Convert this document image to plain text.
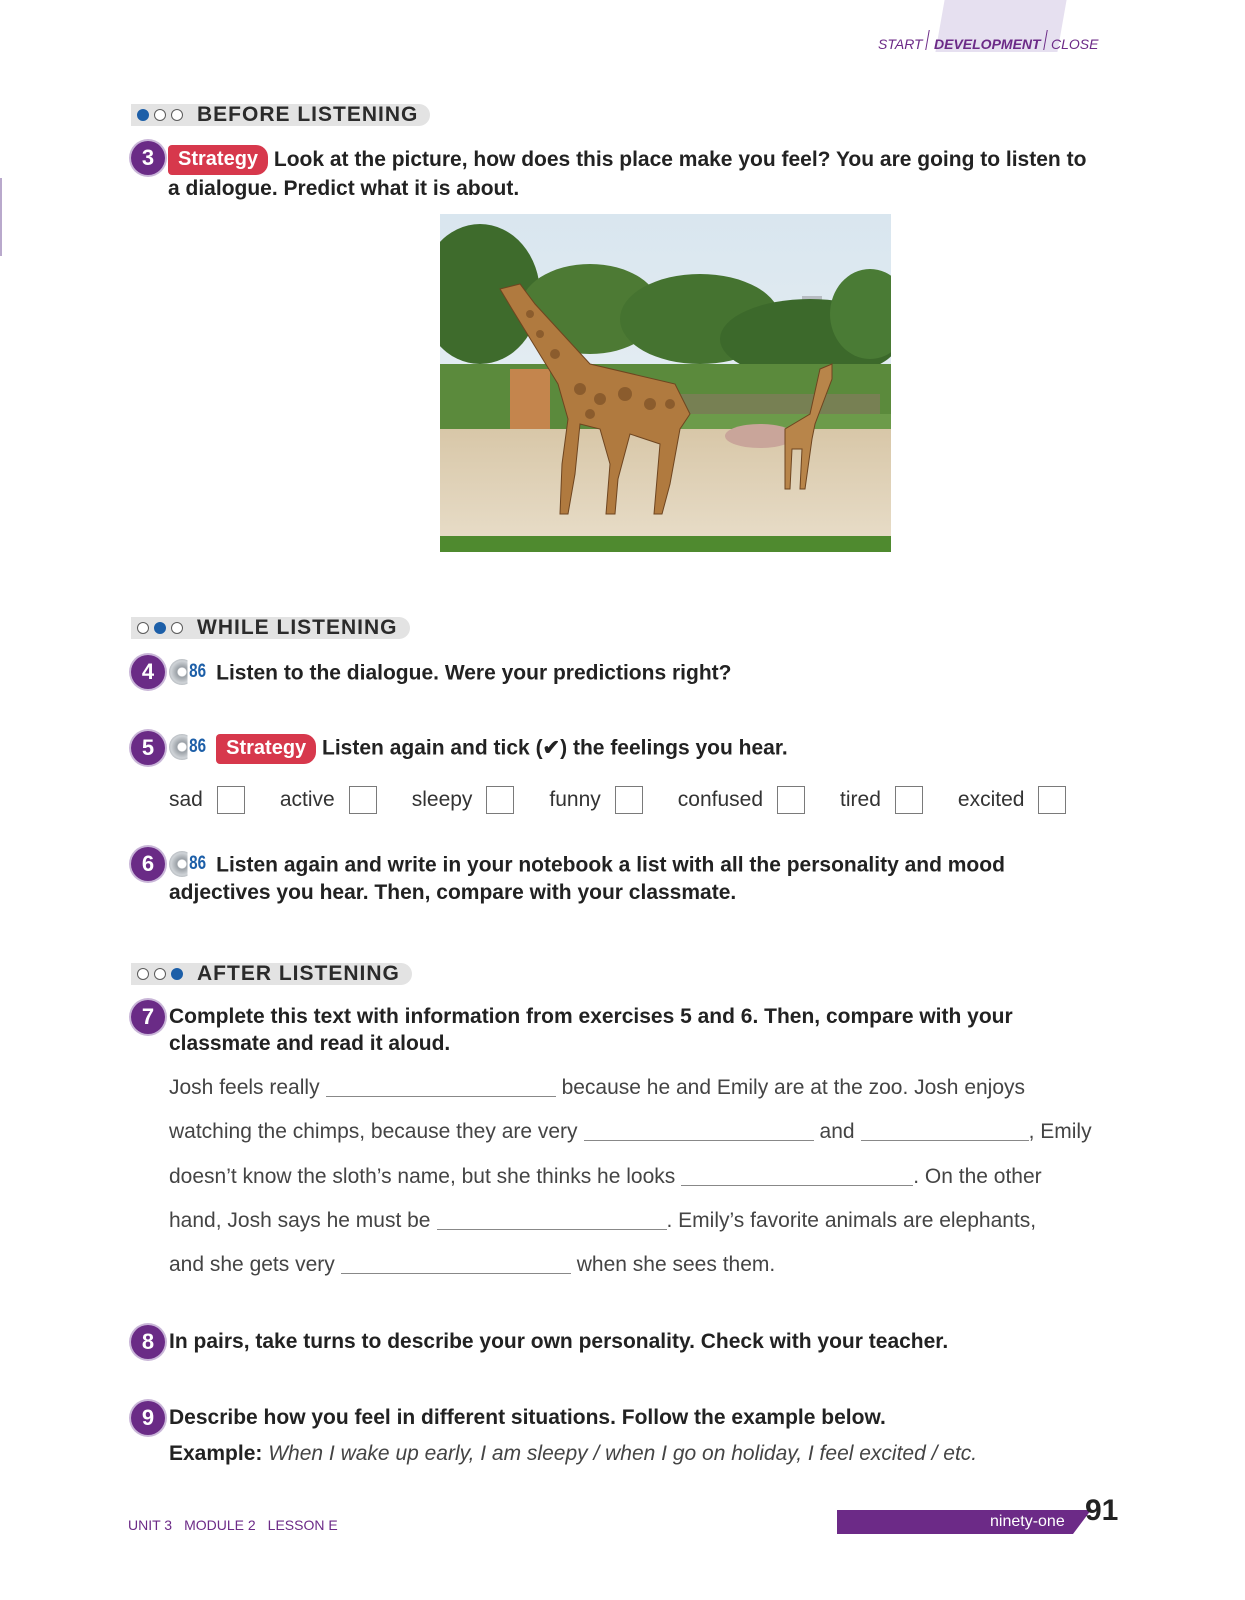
START DEVELOPMENT CLOSE
BEFORE LISTENING
3	Strategy Look at the picture, how does this place make you feel? You are going to listen to
a dialogue. Predict what it is about.
WHILE LISTENING
4	86 Listen to the dialogue. Were your predictions right?
5	86 Strategy Listen again and tick (✔) the feelings you hear.
sad	active	sleepy	funny	confused	tired	excited
6	86 Listen again and write in your notebook a list with all the personality and mood
adjectives you hear. Then, compare with your classmate.
AFTER LISTENING
7 Complete this text with information from exercises 5 and 6. Then, compare with your
classmate and read it aloud.
Josh feels really	because he and Emily are at the zoo. Josh enjoys
watching the chimps, because they are very	and	, Emily
doesn’t know the sloth’s name, but she thinks he looks	. On the other
hand, Josh says he must be	. Emily’s favorite animals are elephants,
and she gets very	when she sees them.
8 In pairs, take turns to describe your own personality. Check with your teacher.
9 Describe how you feel in different situations. Follow the example below.
Example: When I wake up early, I am sleepy / when I go on holiday, I feel excited / etc.
UNIT 3 MODULE 2 LESSON E	ninety-one 91
